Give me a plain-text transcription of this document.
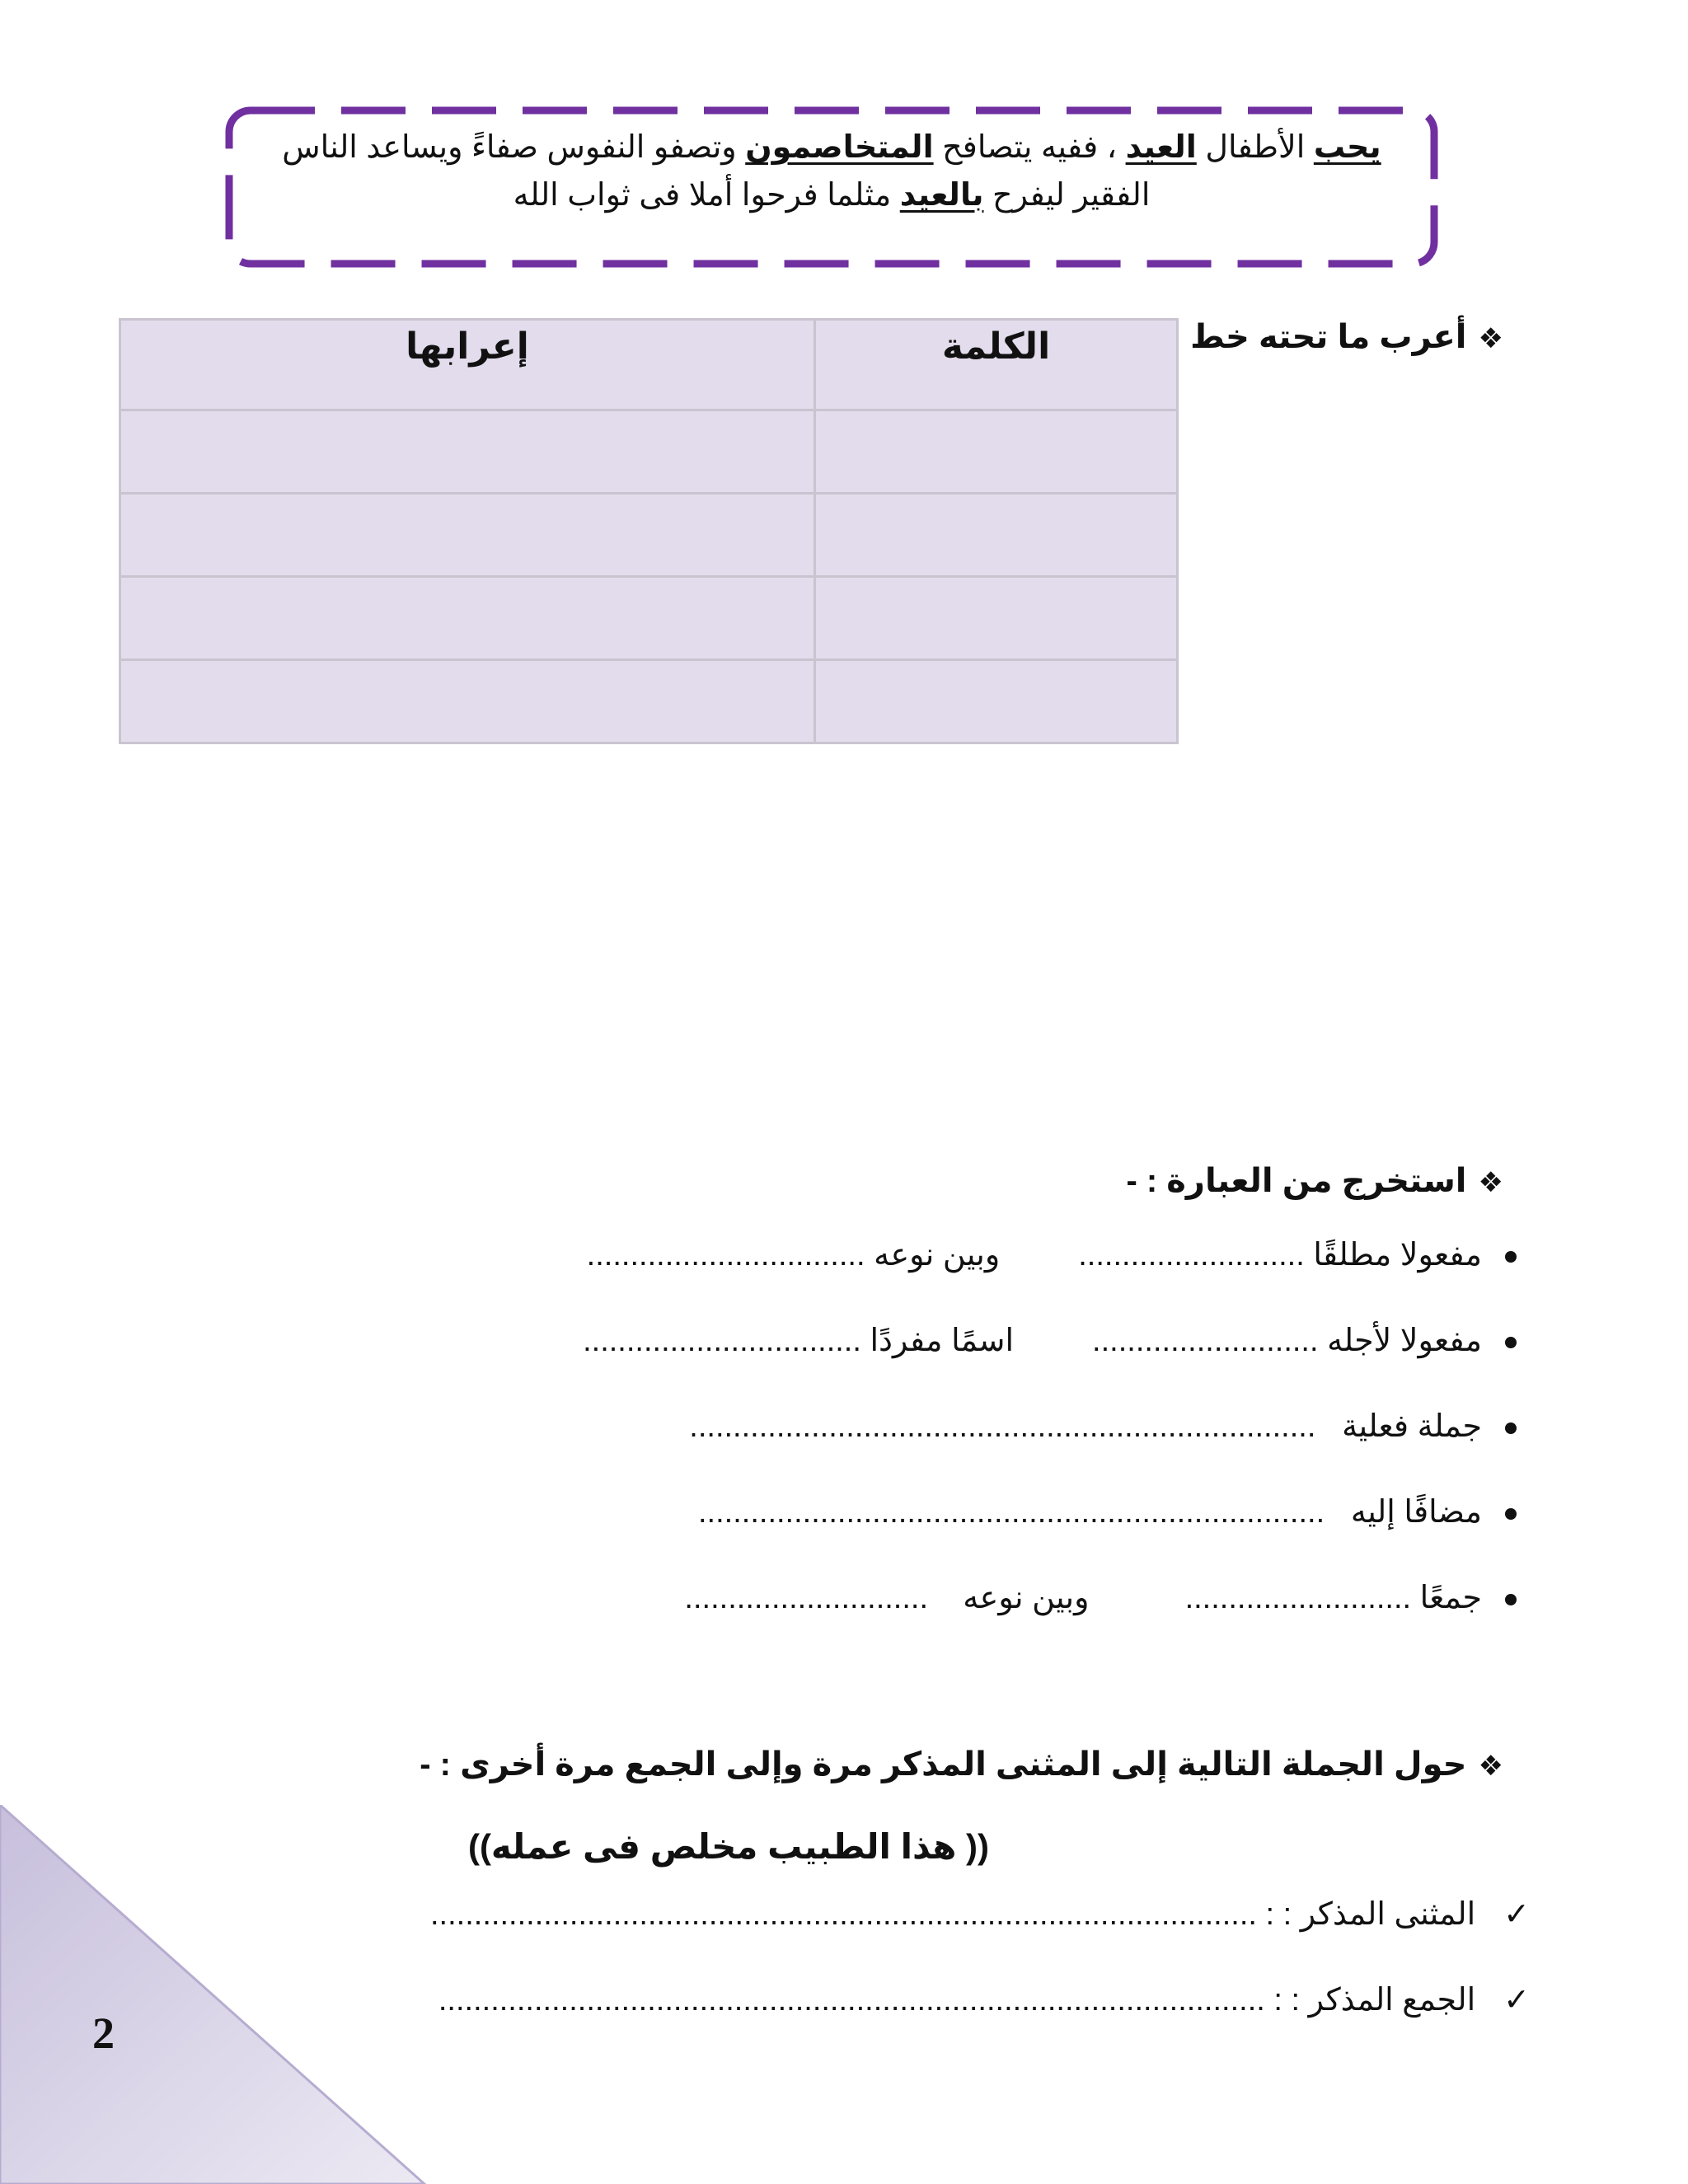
يحب الأطفال العيد ، ففيه يتصافح المتخاصمون وتصفو النفوس صفاءً ويساعد الناس الفقير ليفرح بالعيد مثلما فرحوا أملا فى ثواب الله
❖أعرب ما تحته خط
الكلمة	إعرابها

❖استخرج من العبارة : -
مفعولا مطلقًا ..........................         وبين نوعه ................................
مفعولا لأجله ..........................         اسمًا مفردًا ................................
جملة فعلية   ........................................................................
مضافًا إليه   ........................................................................
جمعًا ..........................           وبين نوعه    ............................
❖حول الجملة التالية إلى المثنى المذكر مرة وإلى الجمع مرة أخرى : -
(( هذا الطبيب مخلص فى عمله))
✓المثنى المذكر : : ...............................................................................................
✓الجمع المذكر : : ...............................................................................................
2
